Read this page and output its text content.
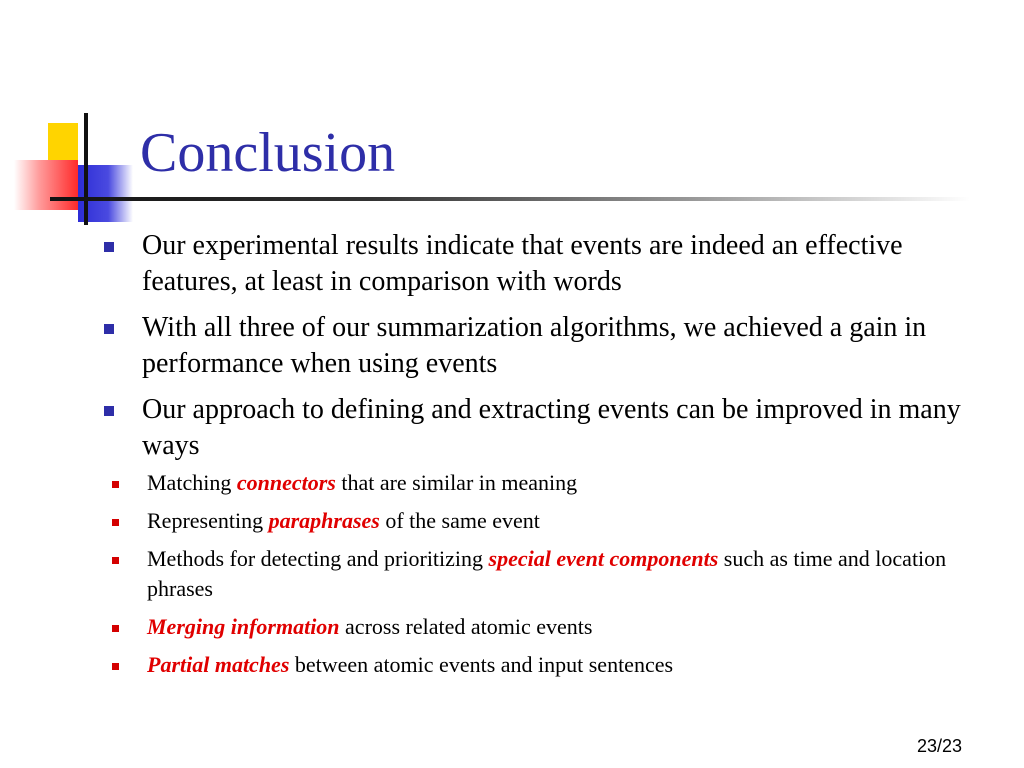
Conclusion
Our experimental results indicate that events are indeed an effective features, at least in comparison with words
With all three of our summarization algorithms, we achieved a gain in performance when using events
Our approach to defining and extracting events can be improved in many ways
Matching connectors that are similar in meaning
Representing paraphrases of the same event
Methods for detecting and prioritizing special event components such as time and location phrases
Merging information across related atomic events
Partial matches between atomic events and input sentences
23/23
